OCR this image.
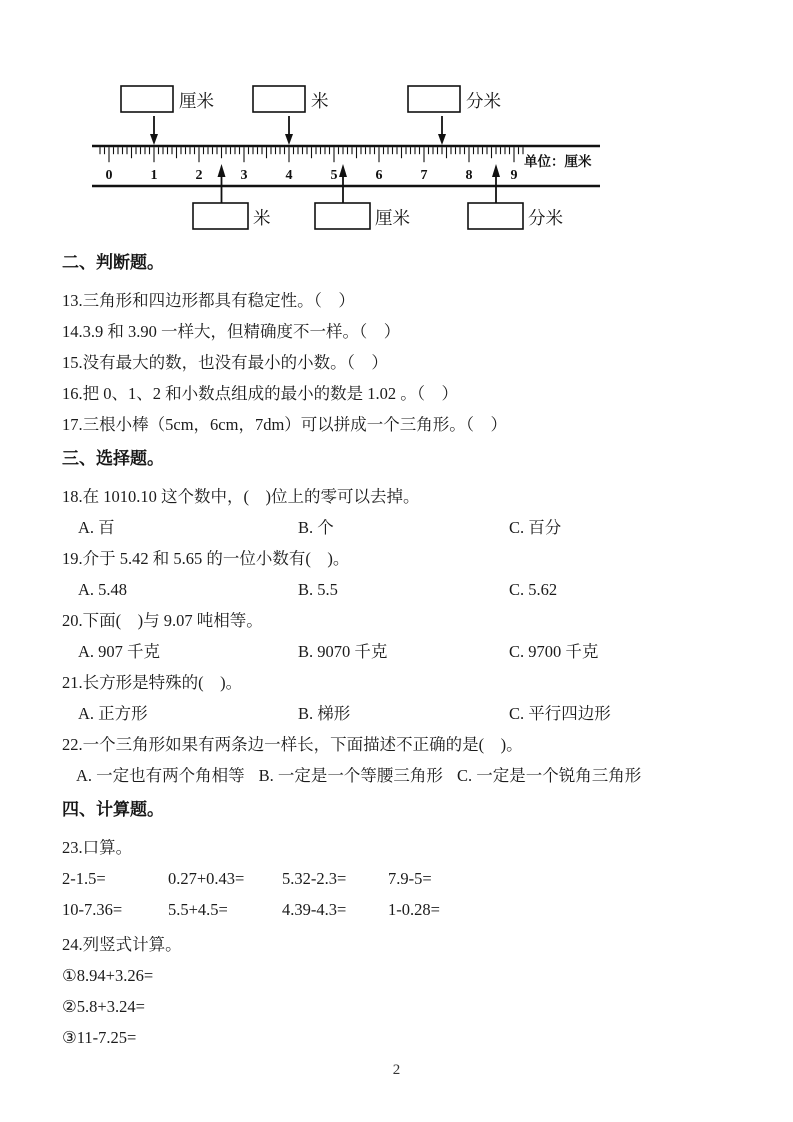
0	1	2	3	4	5	6	7	8	9
单位：厘米
厘米	米	分米
米	厘米	分米
二、判断题。
13.三角形和四边形都具有稳定性。（　）
14.3.9 和 3.90 一样大，但精确度不一样。（　）
15.没有最大的数，也没有最小的小数。（　）
16.把 0、1、2 和小数点组成的最小的数是 1.02 。（　）
17.三根小棒（5cm，6cm，7dm）可以拼成一个三角形。（　）
三、选择题。
18.在 1010.10 这个数中，(　)位上的零可以去掉。
A. 百	B. 个	C. 百分
19.介于 5.42 和 5.65 的一位小数有(　)。
A. 5.48	B. 5.5	C. 5.62
20.下面(　)与 9.07 吨相等。
A. 907 千克	B. 9070 千克	C. 9700 千克
21.长方形是特殊的(　)。
A. 正方形	B. 梯形	C. 平行四边形
22.一个三角形如果有两条边一样长，下面描述不正确的是(　)。
A. 一定也有两个角相等 B. 一定是一个等腰三角形 C. 一定是一个锐角三角形
四、计算题。
23.口算。
2-1.5=	0.27+0.43=	5.32-2.3=	7.9-5=
10-7.36=	5.5+4.5=	4.39-4.3=	1-0.28=
24.列竖式计算。
①8.94+3.26=
②5.8+3.24=
③11-7.25=
2
